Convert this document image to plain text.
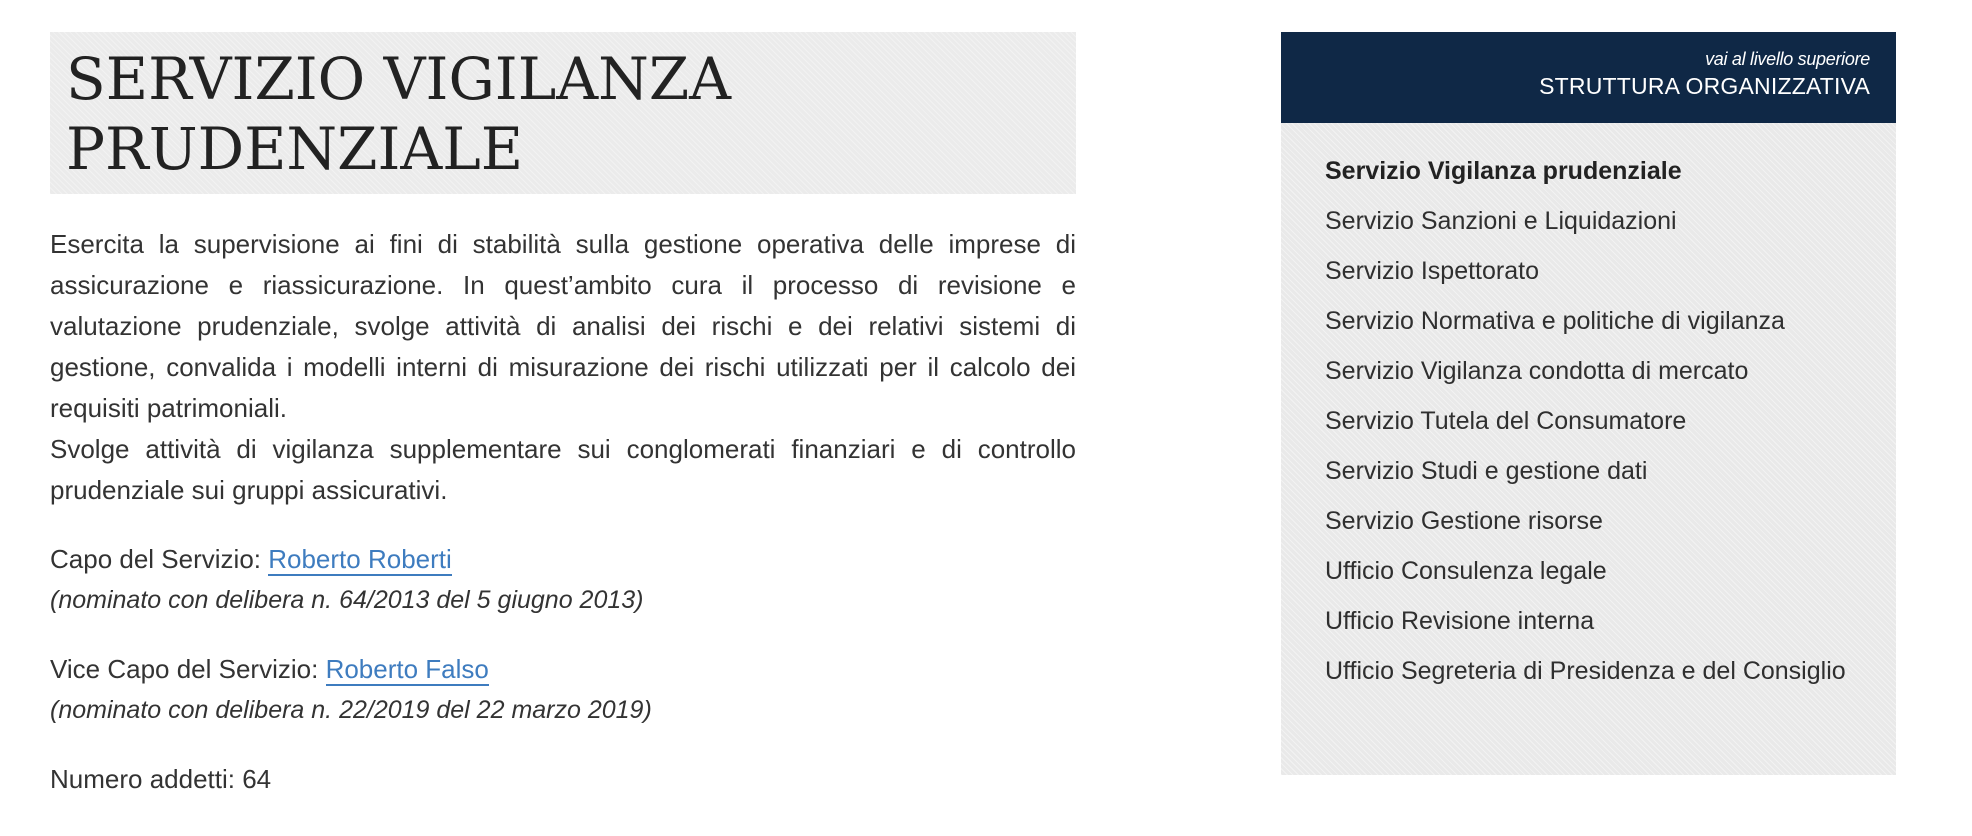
SERVIZIO VIGILANZA PRUDENZIALE

Esercita la supervisione ai fini di stabilità sulla gestione operativa delle imprese di assicurazione e riassicurazione. In quest’ambito cura il processo di revisione e valutazione prudenziale, svolge attività di analisi dei rischi e dei relativi sistemi di gestione, convalida i modelli interni di misurazione dei rischi utilizzati per il calcolo dei requisiti patrimoniali.

Svolge attività di vigilanza supplementare sui conglomerati finanziari e di controllo prudenziale sui gruppi assicurativi.

Capo del Servizio: Roberto Roberti

(nominato con delibera n. 64/2013 del 5 giugno 2013)

Vice Capo del Servizio: Roberto Falso

(nominato con delibera n. 22/2019 del 22 marzo 2019)

Numero addetti: 64
vai al livello superiore
STRUTTURA ORGANIZZATIVA
Servizio Vigilanza prudenziale
Servizio Sanzioni e Liquidazioni
Servizio Ispettorato
Servizio Normativa e politiche di vigilanza
Servizio Vigilanza condotta di mercato
Servizio Tutela del Consumatore
Servizio Studi e gestione dati
Servizio Gestione risorse
Ufficio Consulenza legale
Ufficio Revisione interna
Ufficio Segreteria di Presidenza e del Consiglio
